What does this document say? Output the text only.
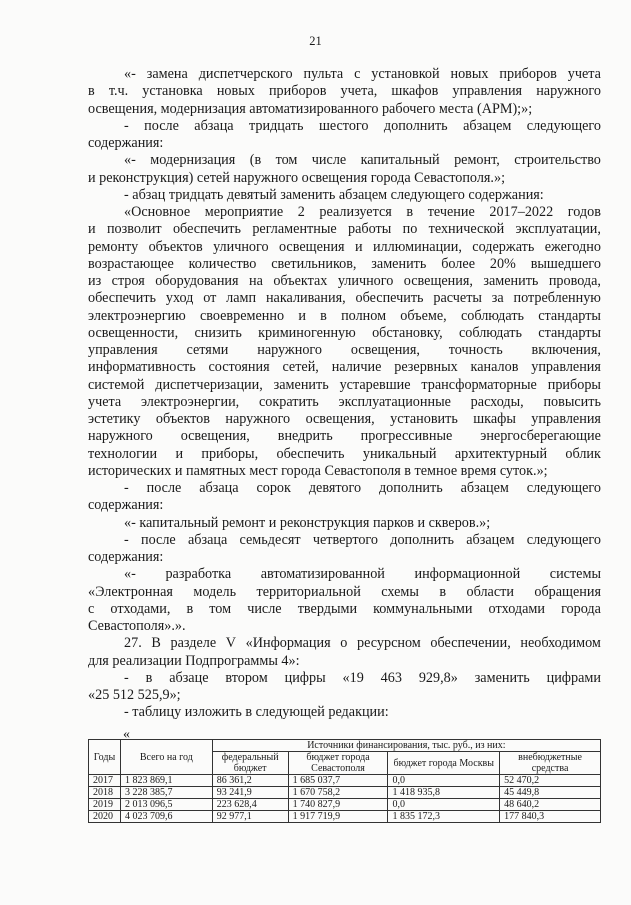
21
«- замена диспетчерского пульта с установкой новых приборов учета
в т.ч. установка новых приборов учета, шкафов управления наружного
освещения, модернизация автоматизированного рабочего места (АРМ);»;
- после абзаца тридцать шестого дополнить абзацем следующего
содержания:
«- модернизация (в том числе капитальный ремонт, строительство
и реконструкция) сетей наружного освещения города Севастополя.»;
- абзац тридцать девятый заменить абзацем следующего содержания:
«Основное мероприятие 2 реализуется в течение 2017–2022 годов
и позволит обеспечить регламентные работы по технической эксплуатации,
ремонту объектов уличного освещения и иллюминации, содержать ежегодно
возрастающее количество светильников, заменить более 20% вышедшего
из строя оборудования на объектах уличного освещения, заменить провода,
обеспечить уход от ламп накаливания, обеспечить расчеты за потребленную
электроэнергию своевременно и в полном объеме, соблюдать стандарты
освещенности, снизить криминогенную обстановку, соблюдать стандарты
управления сетями наружного освещения, точность включения,
информативность состояния сетей, наличие резервных каналов управления
системой диспетчеризации, заменить устаревшие трансформаторные приборы
учета электроэнергии, сократить эксплуатационные расходы, повысить
эстетику объектов наружного освещения, установить шкафы управления
наружного освещения, внедрить прогрессивные энергосберегающие
технологии и приборы, обеспечить уникальный архитектурный облик
исторических и памятных мест города Севастополя в темное время суток.»;
- после абзаца сорок девятого дополнить абзацем следующего
содержания:
«- капитальный ремонт и реконструкция парков и скверов.»;
- после абзаца семьдесят четвертого дополнить абзацем следующего
содержания:
«- разработка автоматизированной информационной системы
«Электронная модель территориальной схемы в области обращения
с отходами, в том числе твердыми коммунальными отходами города
Севастополя».».
27. В разделе V «Информация о ресурсном обеспечении, необходимом
для реализации Подпрограммы 4»:
- в абзаце втором цифры «19 463 929,8» заменить цифрами
«25 512 525,9»;
- таблицу изложить в следующей редакции:
«
Годы	Всего на год	Источники финансирования, тыс. руб., из них:			
		федеральный бюджет	бюджет города Севастополя	бюджет города Москвы	внебюджетные средства
2017	1 823 869,1	86 361,2	1 685 037,7	0,0	52 470,2
2018	3 228 385,7	93 241,9	1 670 758,2	1 418 935,8	45 449,8
2019	2 013 096,5	223 628,4	1 740 827,9	0,0	48 640,2
2020	4 023 709,6	92 977,1	1 917 719,9	1 835 172,3	177 840,3
